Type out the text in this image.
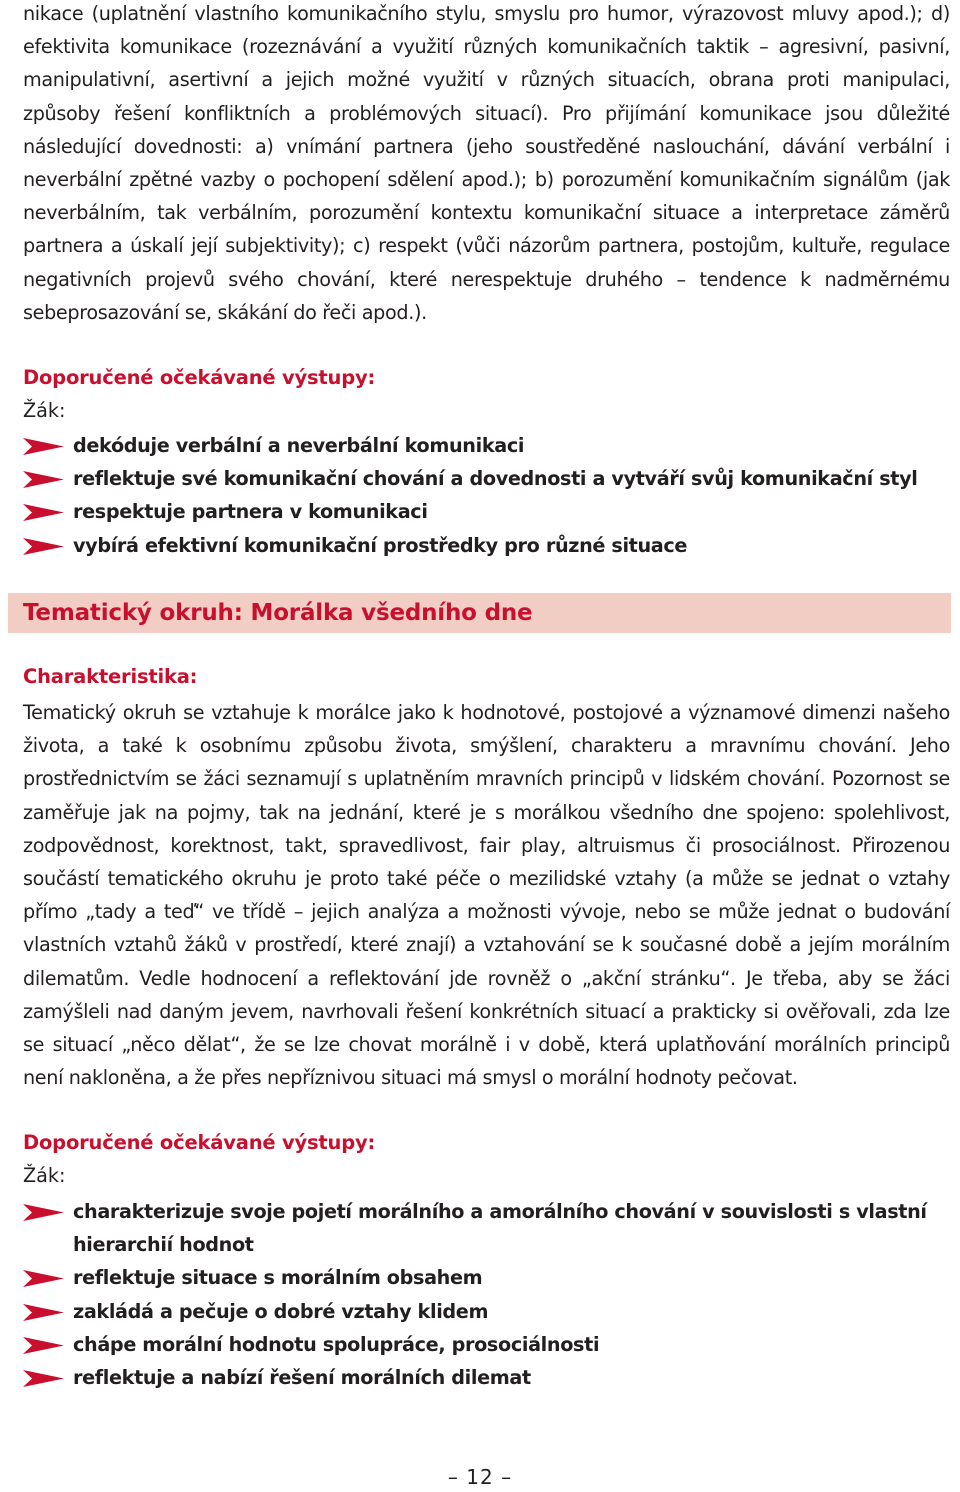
nikace (uplatnění vlastního komunikačního stylu, smyslu pro humor, výrazovost mluvy apod.); d) efektivita komunikace (rozeznávání a využití různých komunikačních taktik – agresivní, pasivní, manipulativní, asertivní a jejich možné využití v různých situacích, obrana proti manipulaci, způsoby řešení konfliktních a problémových situací). Pro přijímání komunikace jsou důležité následující dovednosti: a) vnímání partnera (jeho soustředěné naslouchání, dávání verbální i neverbální zpětné vazby o pochopení sdělení apod.); b) porozumění komunikačním signálům (jak neverbálním, tak verbálním, porozumění kontextu komunikační situace a interpretace záměrů partnera a úskalí její subjektivity); c) respekt (vůči názorům partnera, postojům, kultuře, regulace negativních projevů svého chování, které nerespektuje druhého – tendence k nadměrnému sebeprosazování se, skákání do řeči apod.).

Doporučené očekávané výstupy:
Žák:
dekóduje verbální a neverbální komunikaci
reflektuje své komunikační chování a dovednosti a vytváří svůj komunikační styl
respektuje partnera v komunikaci
vybírá efektivní komunikační prostředky pro různé situace
Tematický okruh: Morálka všedního dne
Charakteristika:

Tematický okruh se vztahuje k morálce jako k hodnotové, postojové a významové dimenzi našeho života, a také k osobnímu způsobu života, smýšlení, charakteru a mravnímu chování. Jeho prostřednictvím se žáci seznamují s uplatněním mravních principů v lidském chování. Pozornost se zaměřuje jak na pojmy, tak na jednání, které je s morálkou všedního dne spojeno: spolehlivost, zodpovědnost, korektnost, takt, spravedlivost, fair play, altruismus či prosociálnost. Přirozenou součástí tematického okruhu je proto také péče o mezilidské vztahy (a může se jednat o vztahy přímo „tady a teď“ ve třídě – jejich analýza a možnosti vývoje, nebo se může jednat o budování vlastních vztahů žáků v prostředí, které znají) a vztahování se k současné době a jejím morálním dilematům. Vedle hodnocení a reflektování jde rovněž o „akční stránku“. Je třeba, aby se žáci zamýšleli nad daným jevem, navrhovali řešení konkrétních situací a prakticky si ověřovali, zda lze se situací „něco dělat“, že se lze chovat morálně i v době, která uplatňování morálních principů není nakloněna, a že přes nepříznivou situaci má smysl o morální hodnoty pečovat.

Doporučené očekávané výstupy:
Žák:
charakterizuje svoje pojetí morálního a amorálního chování v souvislosti s vlastní hierarchií hodnot
reflektuje situace s morálním obsahem
zakládá a pečuje o dobré vztahy klidem
chápe morální hodnotu spolupráce, prosociálnosti
reflektuje a nabízí řešení morálních dilemat
– 12 –
